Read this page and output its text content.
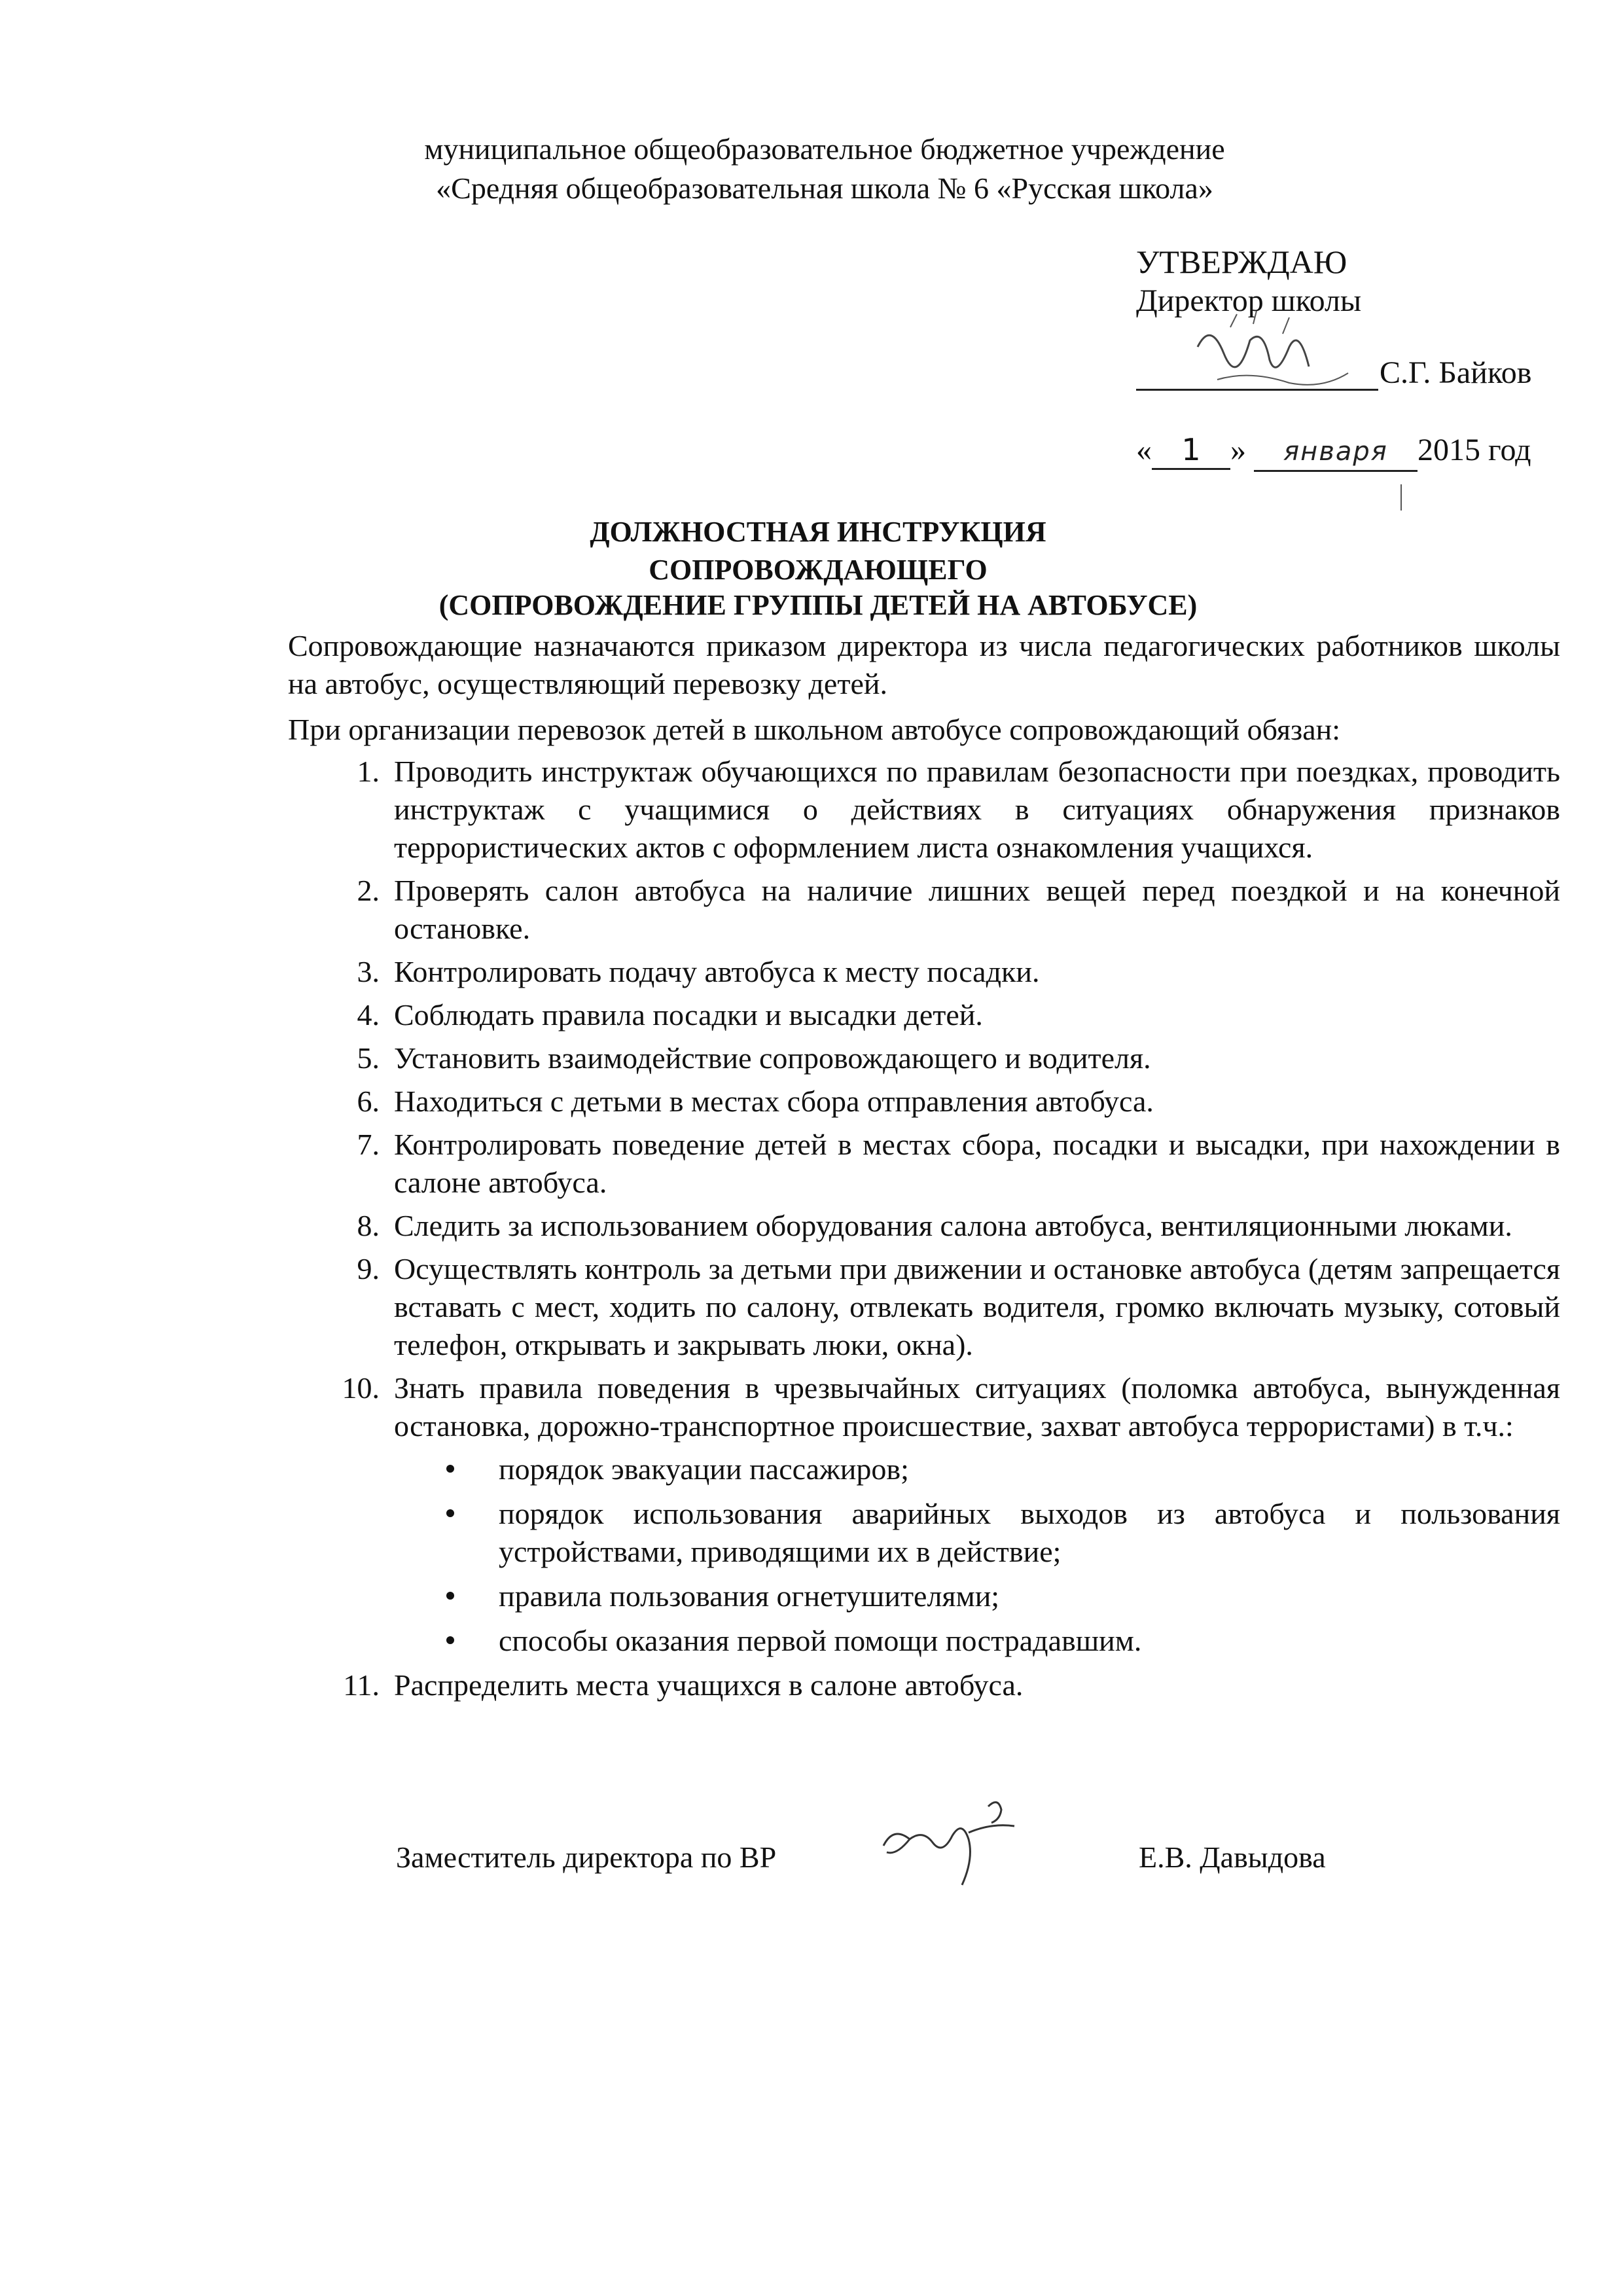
муниципальное общеобразовательное бюджетное учреждение
«Средняя общеобразовательная школа № 6 «Русская школа»
УТВЕРЖДАЮ
Директор школы
С.Г. Байков
« 1 » января 2015 год
ДОЛЖНОСТНАЯ ИНСТРУКЦИЯ
СОПРОВОЖДАЮЩЕГО
(СОПРОВОЖДЕНИЕ ГРУППЫ ДЕТЕЙ НА АВТОБУСЕ)

Сопровождающие назначаются приказом директора из числа педагогических работников школы на автобус, осуществляющий перевозку детей.

При организации перевозок детей в школьном автобусе сопровождающий обязан:

1. Проводить инструктаж обучающихся по правилам безопасности при поездках, проводить инструктаж с учащимися о действиях в ситуациях обнаружения признаков террористических актов с оформлением листа ознакомления учащихся.
2. Проверять салон автобуса на наличие лишних вещей перед поездкой и на конечной остановке.
3. Контролировать подачу автобуса к месту посадки.
4. Соблюдать правила посадки и высадки детей.
5. Установить взаимодействие сопровождающего и водителя.
6. Находиться с детьми в местах сбора отправления автобуса.
7. Контролировать поведение детей в местах сбора, посадки и высадки, при нахождении в салоне автобуса.
8. Следить за использованием оборудования салона автобуса, вентиляционными люками.
9. Осуществлять контроль за детьми при движении и остановке автобуса (детям запрещается вставать с мест, ходить по салону, отвлекать водителя, громко включать музыку, сотовый телефон, открывать и закрывать люки, окна).
10. Знать правила поведения в чрезвычайных ситуациях (поломка автобуса, вынужденная остановка, дорожно-транспортное происшествие, захват автобуса террористами) в т.ч.:
порядок эвакуации пассажиров;
порядок использования аварийных выходов из автобуса и пользования устройствами, приводящими их в действие;
правила пользования огнетушителями;
способы оказания первой помощи пострадавшим.
11. Распределить места учащихся в салоне автобуса.
Заместитель директора по ВР	Е.В. Давыдова
